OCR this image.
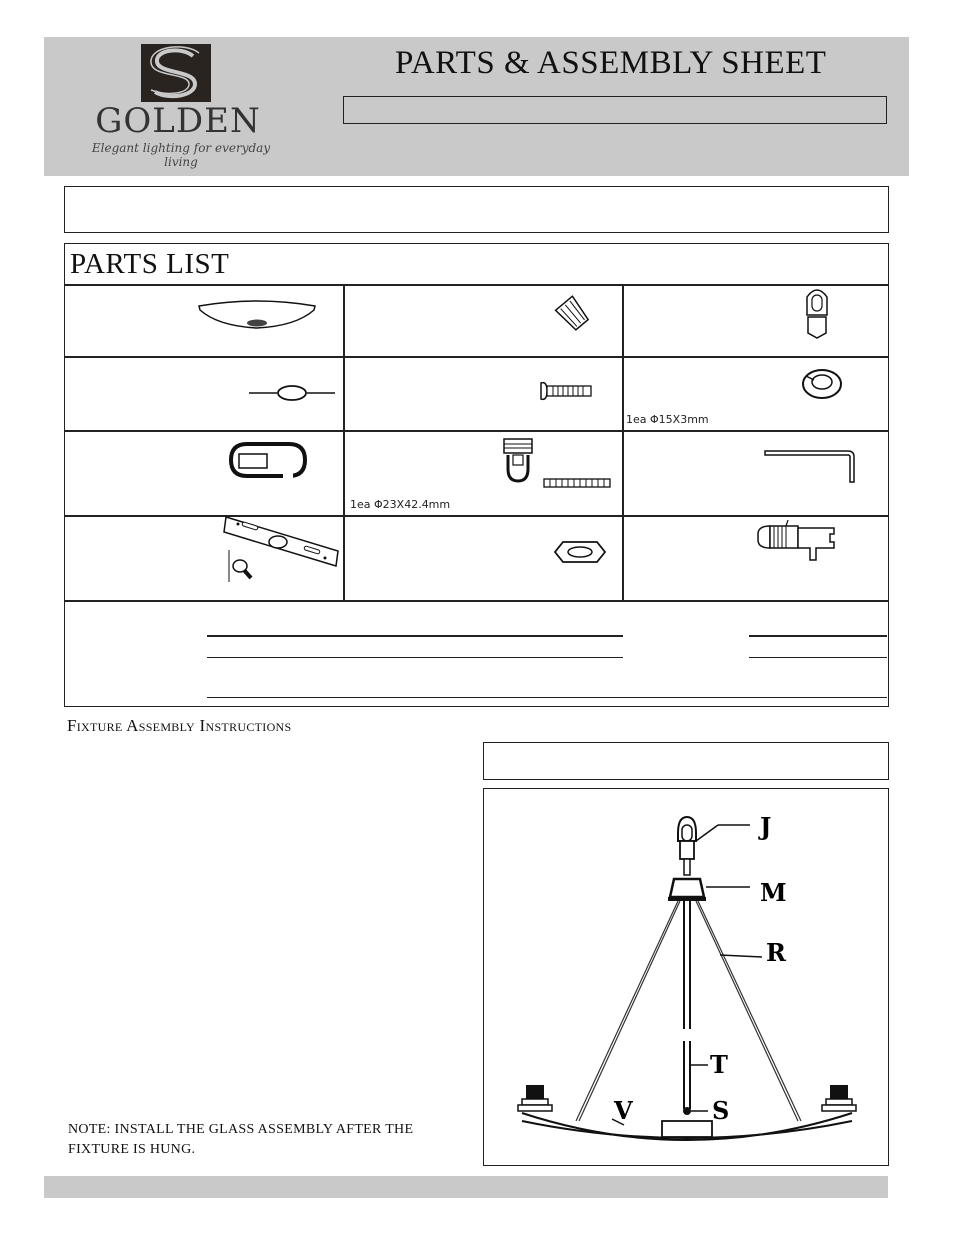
GOLDEN
Elegant lighting for everyday living
PARTS & ASSEMBLY SHEET
PARTS LIST
1ea Φ15X3mm
1ea Φ23X42.4mm
Fixture Assembly Instructions
J
M
R
T
S
V
NOTE: INSTALL THE GLASS ASSEMBLY AFTER THE FIXTURE IS HUNG.
